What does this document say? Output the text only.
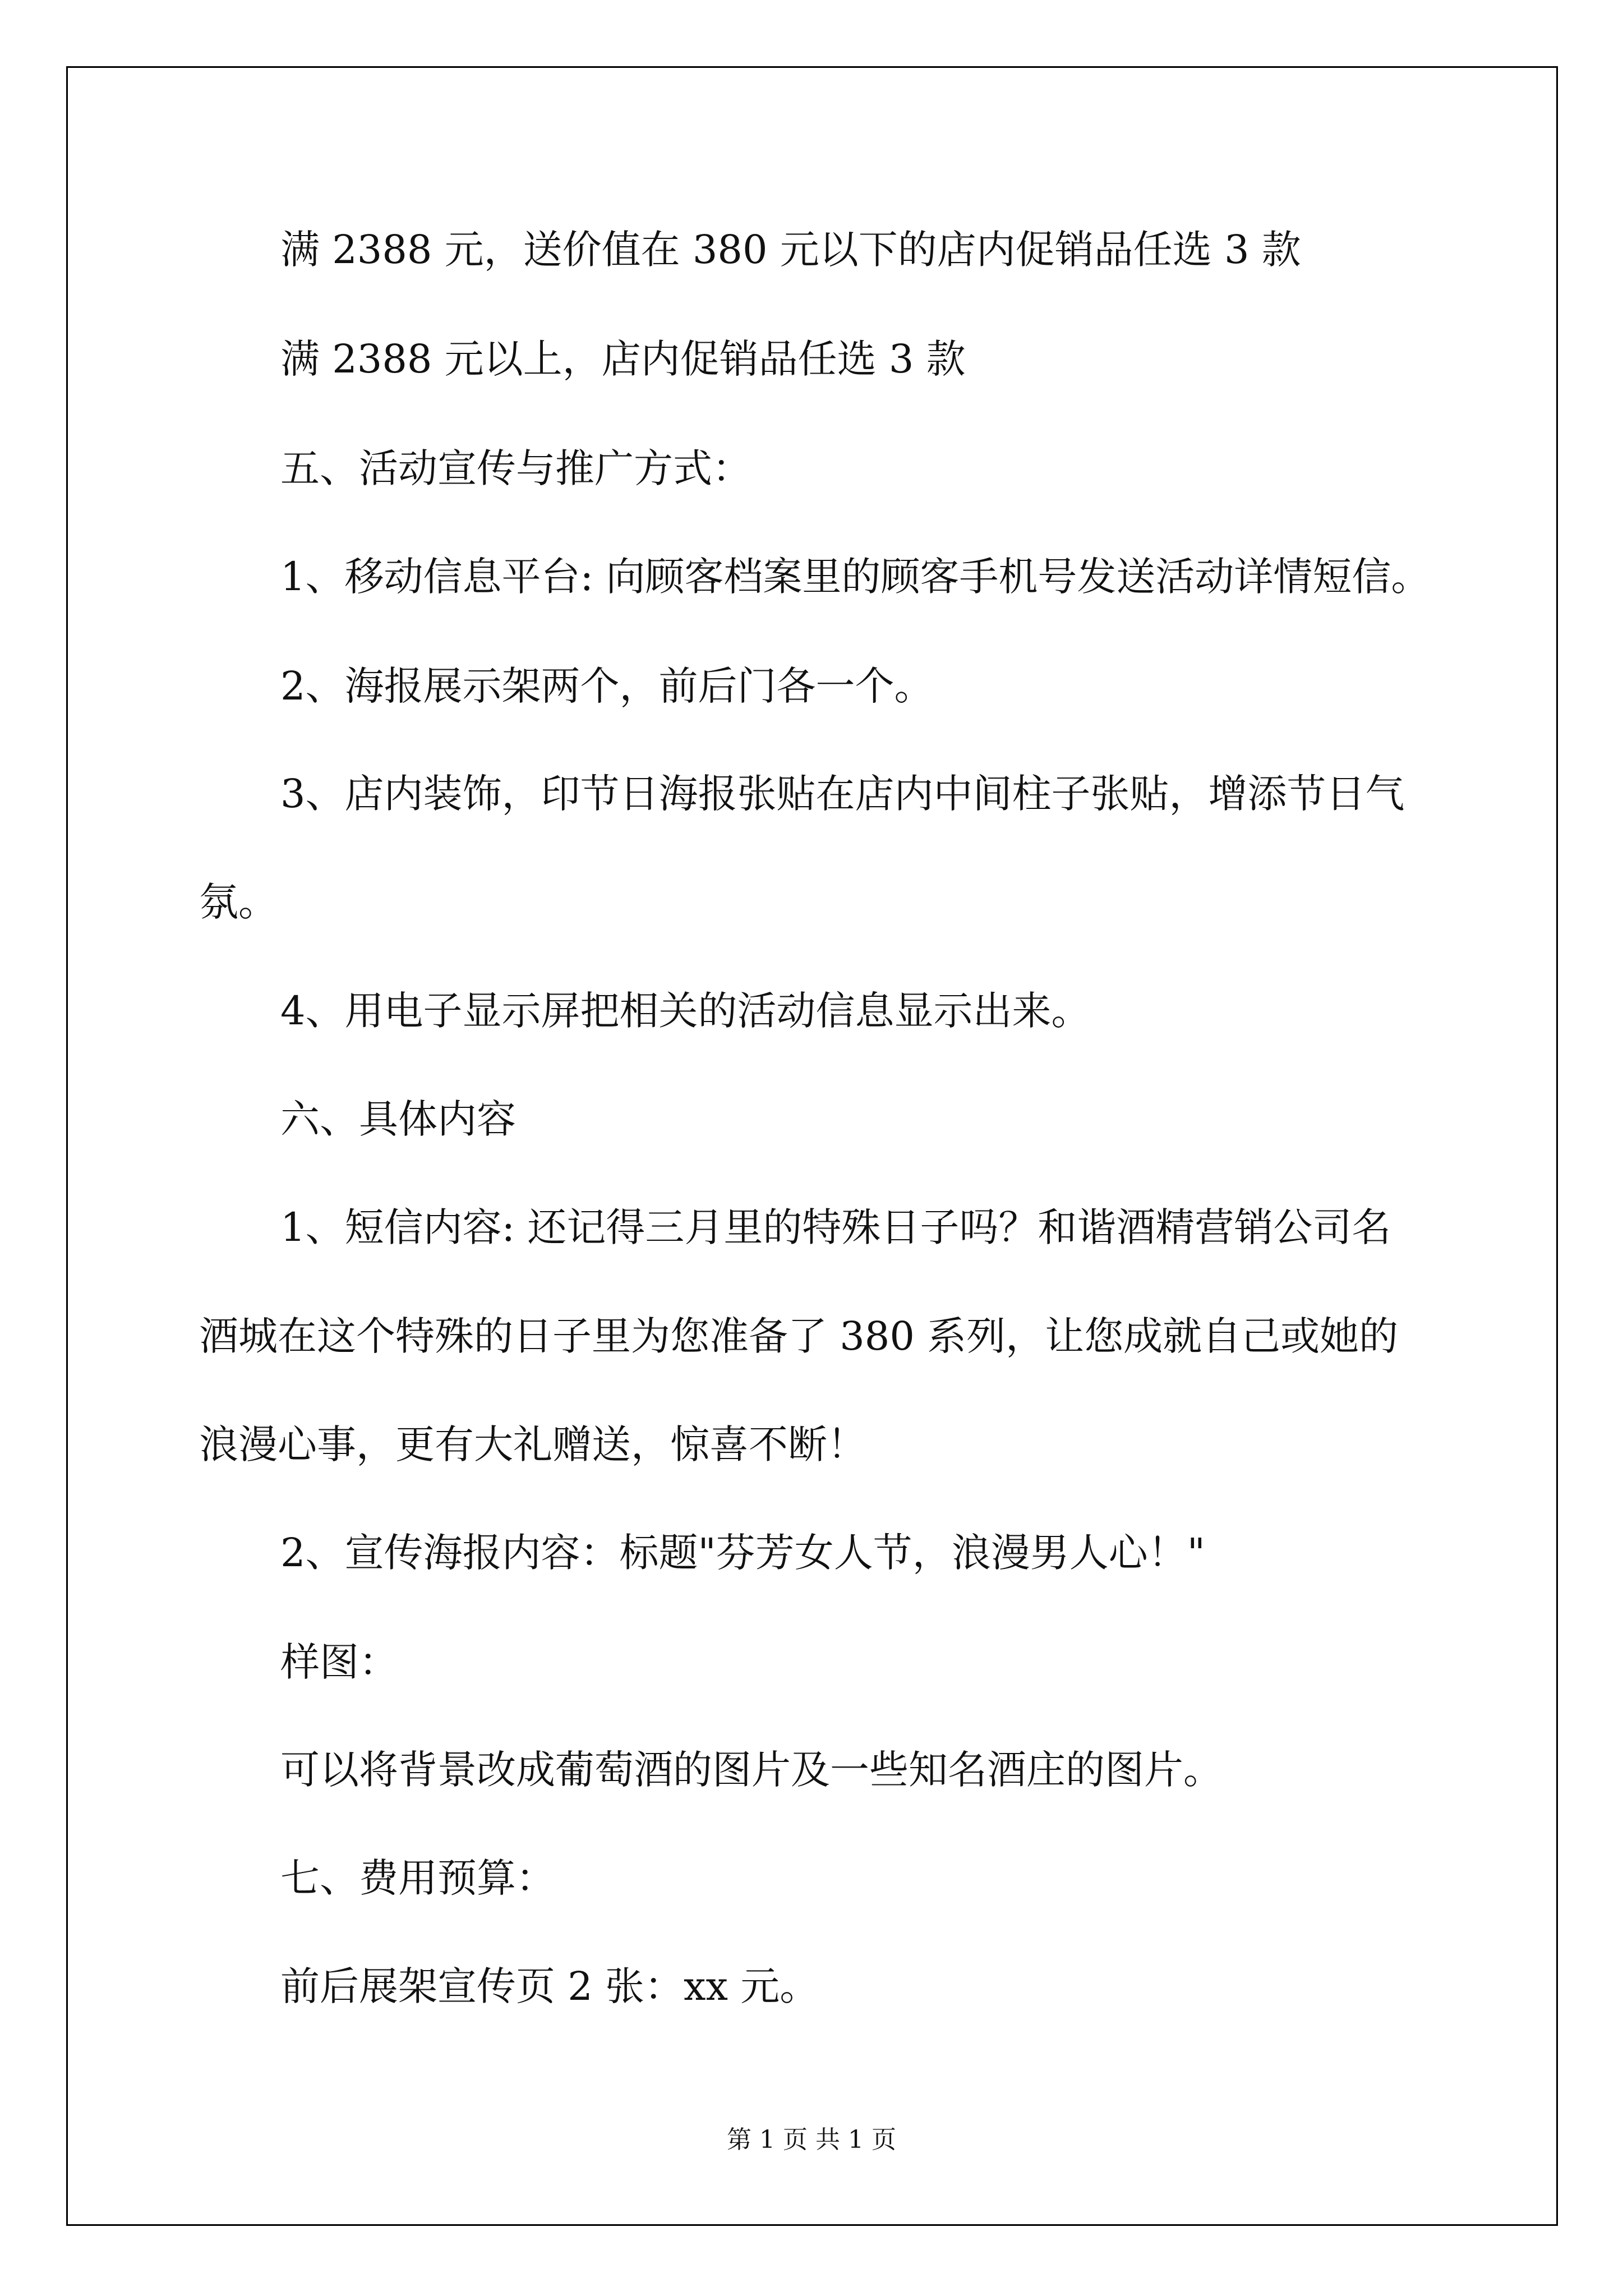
满 2388 元，送价值在 380 元以下的店内促销品任选 3 款

满 2388 元以上，店内促销品任选 3 款

五、活动宣传与推广方式：

1、移动信息平台: 向顾客档案里的顾客手机号发送活动详情短信。

2、海报展示架两个，前后门各一个。

3、店内装饰，印节日海报张贴在店内中间柱子张贴，增添节日气

氛。

4、用电子显示屏把相关的活动信息显示出来。

六、具体内容

1、短信内容: 还记得三月里的特殊日子吗？和谐酒精营销公司名

酒城在这个特殊的日子里为您准备了 380 系列，让您成就自己或她的

浪漫心事，更有大礼赠送，惊喜不断！

2、宣传海报内容：标题"芬芳女人节，浪漫男人心！"

样图：

可以将背景改成葡萄酒的图片及一些知名酒庄的图片。

七、费用预算：

前后展架宣传页 2 张：xx 元。

第 1 页 共 1 页
